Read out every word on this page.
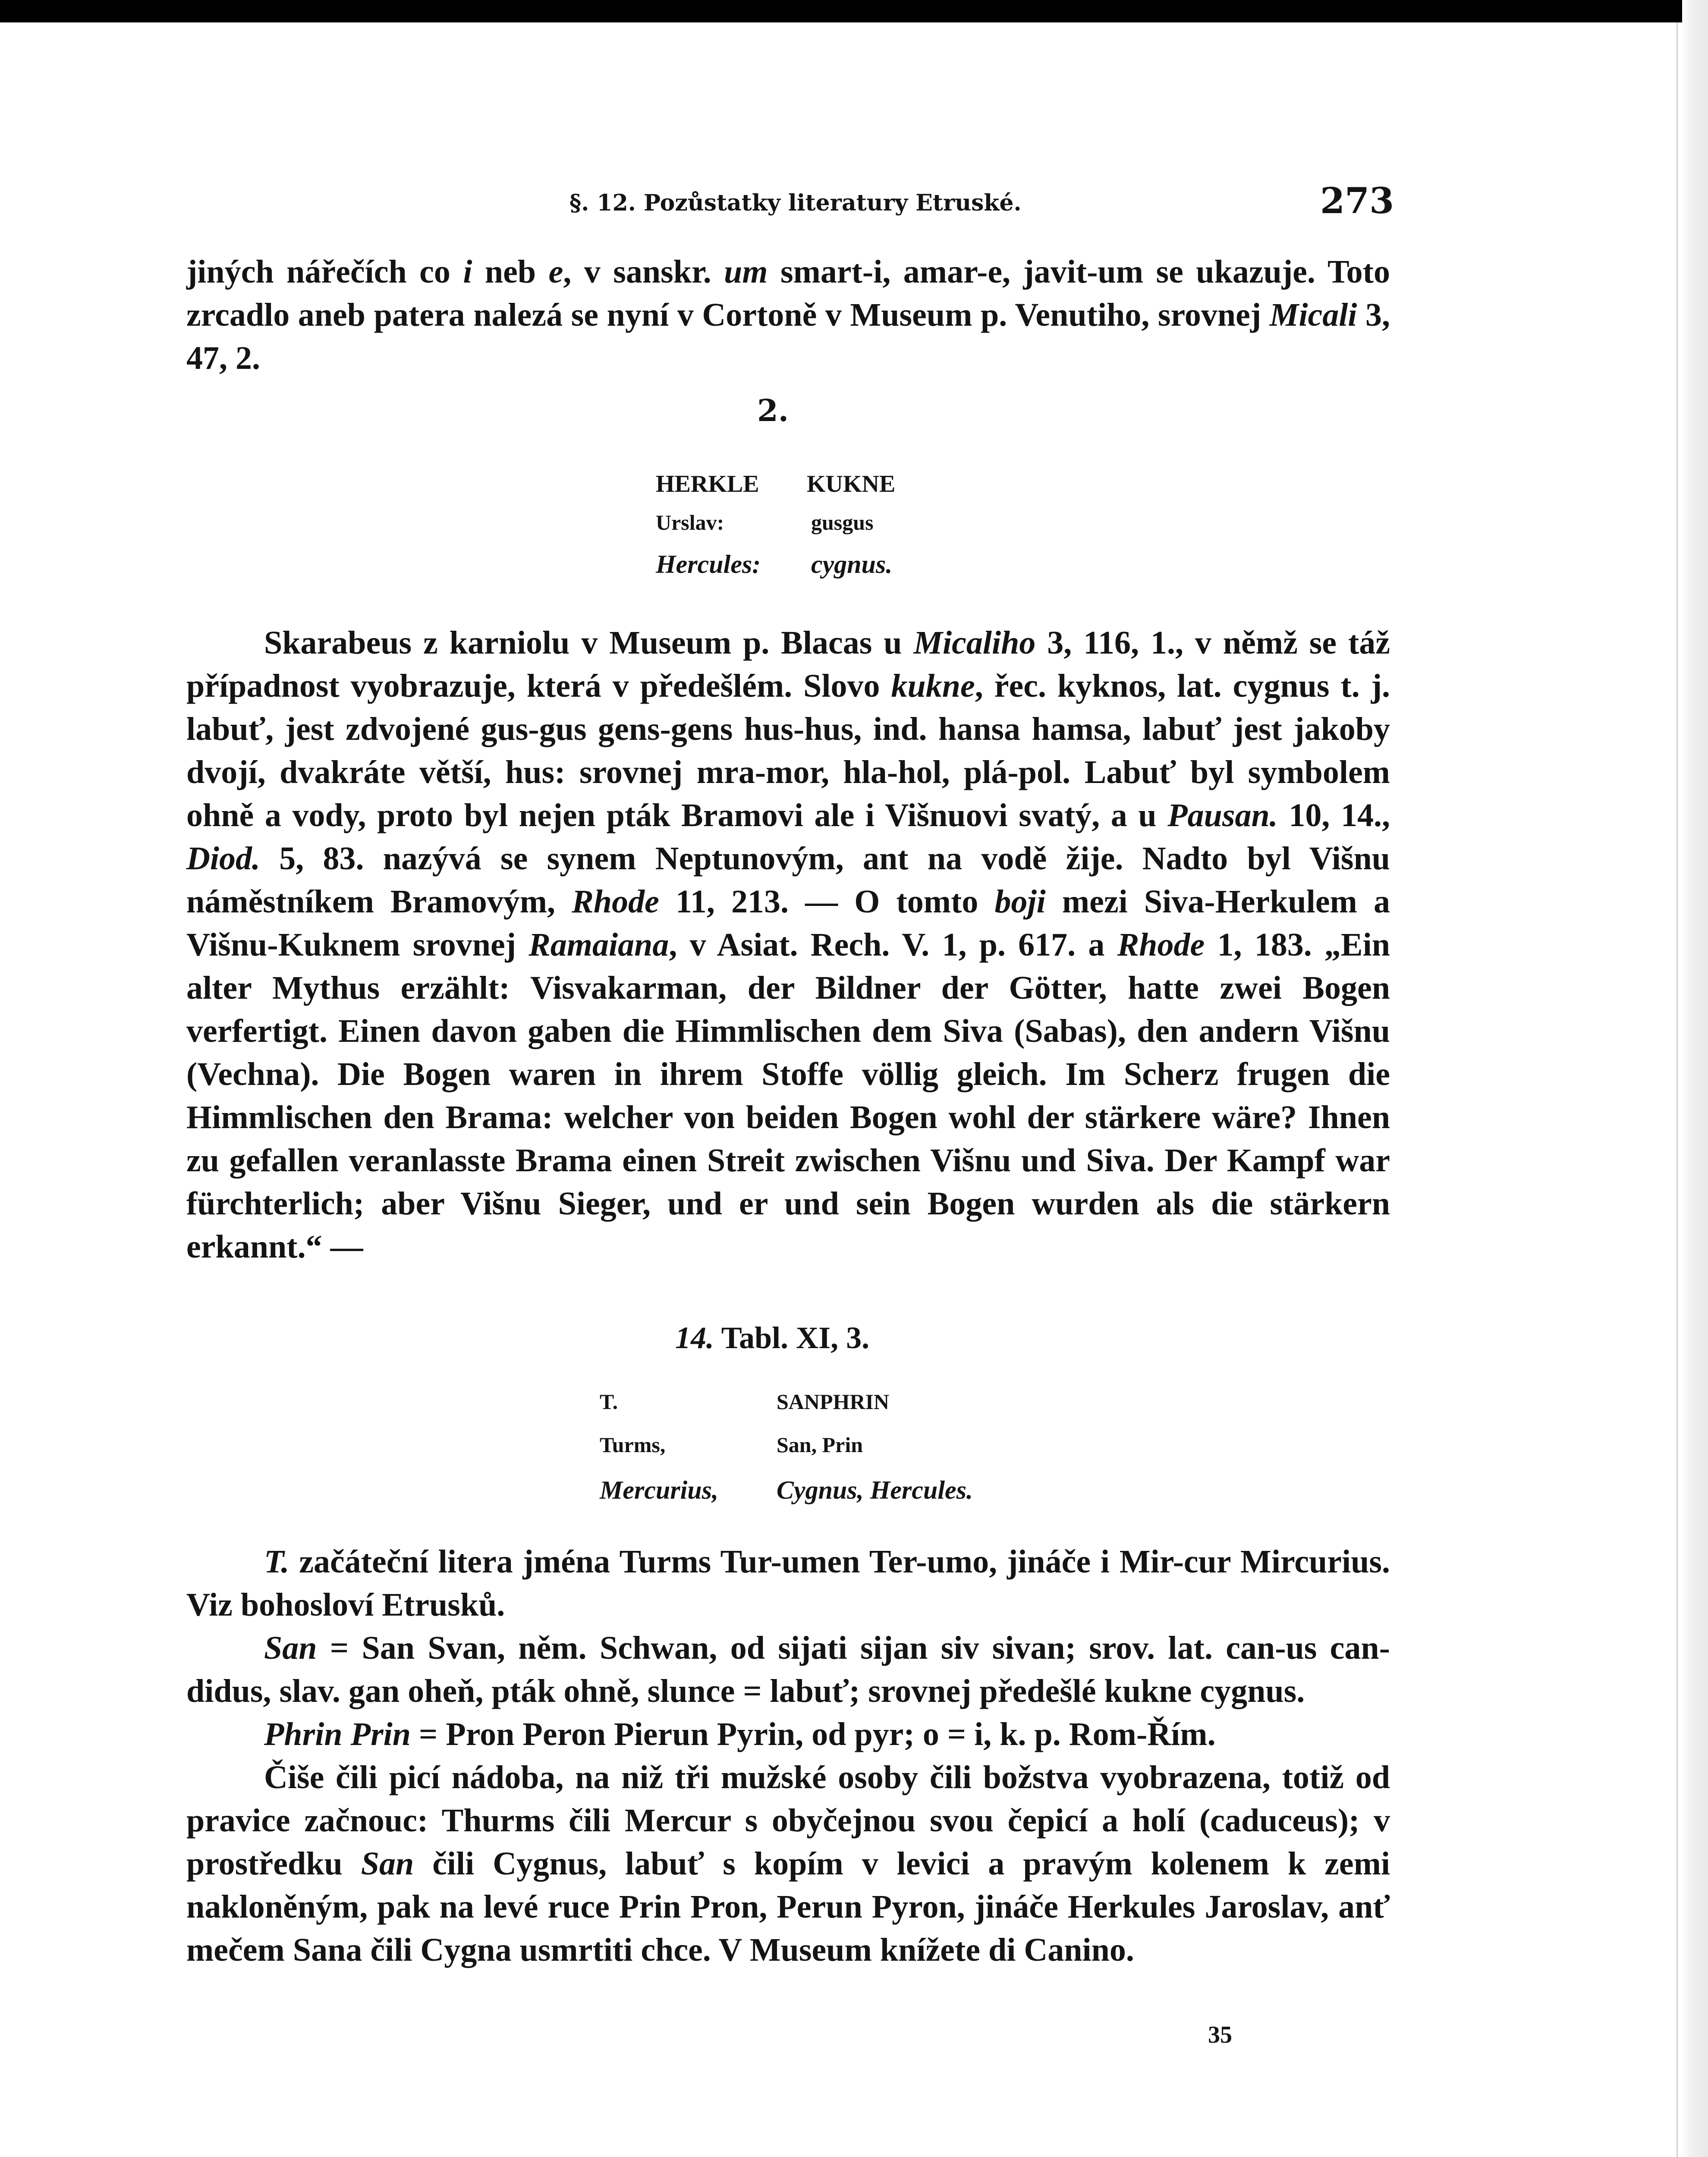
§. 12. Pozůstatky literatury Etruské.	273

jiných nářečích co i neb e, v sanskr. um smart-i, amar-e, javit-um se ukazuje. Toto zrcadlo aneb patera nalezá se nyní v Cortoně v Museum p. Venutiho, srovnej Micali 3, 47, 2.

2.
HERKLE KUKNE
Urslav:	gusgus
Hercules: cygnus.

Skarabeus z karniolu v Museum p. Blacas u Micaliho 3, 116, 1., v němž se táž případnost vyobrazuje, která v předešlém. Slovo kukne, řec. kyknos, lat. cygnus t. j. labuť, jest zdvojené gus-gus gens-gens hus-hus, ind. hansa hamsa, labuť jest jakoby dvojí, dvakráte větší, hus: srovnej mra-mor, hla-hol, plá-pol. Labuť byl symbolem ohně a vody, proto byl nejen pták Bramovi ale i Višnuovi svatý, a u Pausan. 10, 14., Diod. 5, 83. nazývá se synem Neptunovým, ant na vodě žije. Nadto byl Višnu náměstníkem Bramovým, Rhode 11, 213. — O tomto boji mezi Siva-Herkulem a Višnu-Kuknem srovnej Ramaiana, v Asiat. Rech. V. 1, p. 617. a Rhode 1, 183. „Ein alter Mythus erzählt: Visvakarman, der Bildner der Götter, hatte zwei Bogen verfertigt. Einen davon gaben die Himmlischen dem Siva (Sabas), den andern Višnu (Vechna). Die Bogen waren in ihrem Stoffe völlig gleich. Im Scherz frugen die Himmlischen den Brama: welcher von beiden Bogen wohl der stärkere wäre? Ihnen zu gefallen veranlasste Brama einen Streit zwischen Višnu und Siva. Der Kampf war fürchterlich; aber Višnu Sieger, und er und sein Bogen wurden als die stärkern erkannt.“ —

14. Tabl. XI, 3.
T.	SANPHRIN
Turms,	San, Prin
Mercurius, Cygnus, Hercules.

T. začáteční litera jména Turms Tur-umen Ter-umo, jináče i Mir-cur Mircurius. Viz bohosloví Etrusků.

San = San Svan, něm. Schwan, od sijati sijan siv sivan; srov. lat. can-us can-didus, slav. gan oheň, pták ohně, slunce = labuť; srovnej předešlé kukne cygnus.

Phrin Prin = Pron Peron Pierun Pyrin, od pyr; o = i, k. p. Rom-Řím.

Čiše čili picí nádoba, na niž tři mužské osoby čili božstva vyobrazena, totiž od pravice začnouc: Thurms čili Mercur s obyčejnou svou čepicí a holí (caduceus); v prostředku San čili Cygnus, labuť s kopím v levici a pravým kolenem k zemi nakloněným, pak na levé ruce Prin Pron, Perun Pyron, jináče Herkules Jaroslav, anť mečem Sana čili Cygna usmrtiti chce. V Museum knížete di Canino.

35
